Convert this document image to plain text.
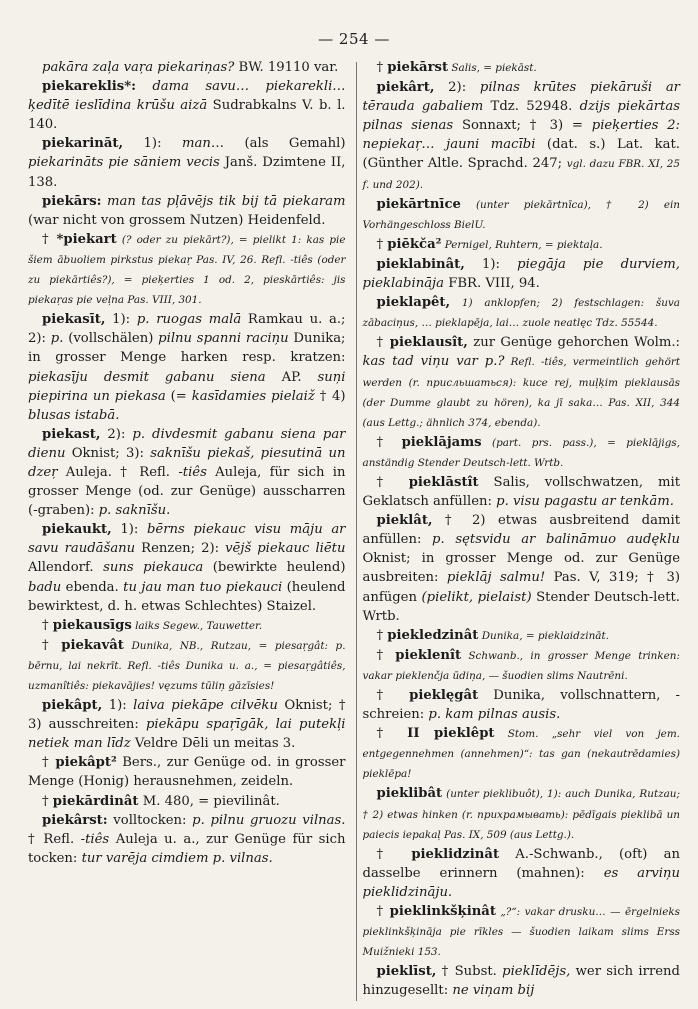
— 254 —

pakāra zaļa vaŗa piekariņas? BW. 19110 var.

piekareklis*: dama savu… piekarekli… ķedītē ieslīdina krūšu aizā Sudrabkalns V. b. l. 140.

piekarināt, 1): man… (als Gemahl) piekarināts pie sāniem vecis Janš. Dzimtene II, 138.

piekārs: man tas pļāvējs tik bij tā piekaram (war nicht von grossem Nutzen) Heidenfeld.

† *piekart (? oder zu piekārt?), = pielikt 1: kas pie šiem ābuoliem pirkstus piekaŗ Pas. IV, 26. Refl. -tiês (oder zu piekārtiês?), = pieķerties 1 od. 2, pieskārtiês: jis piekaŗas pie veļna Pas. VIII, 301.

piekasīt, 1): p. ruogas malā Ramkau u. a.; 2): p. (vollschälen) pilnu spanni raciņu Dunika; in grosser Menge harken resp. kratzen: piekasīju desmit gabanu siena AP. suņi piepirina un piekasa (= kasīdamies pielaiž † 4) blusas istabā.

piekast, 2): p. divdesmit gabanu siena par dienu Oknist; 3): saknīšu piekaš, piesutinā un dzeŗ Auleja. † Refl. -tiês Auleja, für sich in grosser Menge (od. zur Genüge) ausscharren (-graben): p. saknīšu.

piekaukt, 1): bērns piekauc visu māju ar savu raudāšanu Renzen; 2): vējš piekauc liētu Allendorf. suns piekauca (bewirkte heulend) badu ebenda. tu jau man tuo piekauci (heulend bewirktest, d. h. etwas Schlechtes) Staizel.

† piekausīgs laiks Segew., Tauwetter.

† piekavât Dunika, NB., Rutzau, = piesaŗgât: p. bērnu, lai nekrīt. Refl. -tiês Dunika u. a., = piesaŗgâtiês, uzmanîtiês: piekavājies! vęzums tūliņ gāzīsies!

piekâpt, 1): laiva piekāpe cilvēku Oknist; † 3) ausschreiten: piekāpu spaŗīgāk, lai putekļi netiek man līdz Veldre Dēli un meitas 3.

† piekâpt² Bers., zur Genüge od. in grosser Menge (Honig) herausnehmen, zeideln.

† piekārdinât M. 480, = pievilinât.

piekârst: volltocken: p. pilnu gruozu vilnas. † Refl. -tiês Auleja u. a., zur Genüge für sich tocken: tur varēja cimdiem p. vilnas.

† piekārst Salis, = piekāst.

piekârt, 2): pilnas krūtes piekāruši ar tērauda gabaliem Tdz. 52948. dzijs piekārtas pilnas sienas Sonnaxt; † 3) = pieķerties 2: nepiekaŗ… jauni macībi (dat. s.) Lat. kat. (Günther Altle. Sprachd. 247; vgl. dazu FBR. XI, 25 f. und 202).

piekārtnīce (unter piekārtnīca), † 2) ein Vorhängeschloss BielU.

† piēkča² Pernigel, Ruhtern, = piektaļa.

pieklabinât, 1): piegāja pie durviem, pieklabināja FBR. VIII, 94.

pieklapêt, 1) anklopfen; 2) festschlagen: šuva zābaciņus, … pieklapēja, lai… zuole neatlęc Tdz. 55544.

† pieklausît, zur Genüge gehorchen Wolm.: kas tad viņu var p.? Refl. -tiês, vermeintlich gehört werden (r. присльшаться): kuce rej, muļķim pieklausās (der Dumme glaubt zu hören), ka jī saka… Pas. XII, 344 (aus Lettg.; ähnlich 374, ebenda).

† pieklājams (part. prs. pass.), = pieklājigs, anständig Stender Deutsch-lett. Wrtb.

† pieklāstît Salis, vollschwatzen, mit Geklatsch anfüllen: p. visu pagastu ar tenkām.

pieklât, † 2) etwas ausbreitend damit anfüllen: p. sętsvidu ar balināmuo audęklu Oknist; in grosser Menge od. zur Genüge ausbreiten: pieklāj salmu! Pas. V, 319; † 3) anfügen (pielikt, pielaist) Stender Deutsch-lett. Wrtb.

† piekledzinât Dunika, = pieklaidzināt.

† pieklenît Schwanb., in grosser Menge trinken: vakar pieklenčja ūdiņa, — šuodien slims Nautrēni.

† pieklęgât Dunika, vollschnattern, -schreien: p. kam pilnas ausis.

† II pieklêpt Stom. „sehr viel von jem. entgegennehmen (annehmen)“: tas gan (nekautrēdamies) pieklēpa!

pieklibât (unter pieklibuôt), 1): auch Dunika, Rutzau; † 2) etwas hinken (r. прихрамывать): pēdīgais pieklibā un paiecis iepakaļ Pas. IX, 509 (aus Lettg.).

† pieklidzinât A.-Schwanb., (oft) an dasselbe erinnern (mahnen): es arviņu pieklidzināju.

† pieklinkšķinât „?“: vakar drusku… — ērgelnieks pieklinkšķināja pie rīkles — šuodien laikam slims Erss Muižnieki 153.

pieklīst, † Subst. pieklīdējs, wer sich irrend hinzugesellt: ne viņam bij
